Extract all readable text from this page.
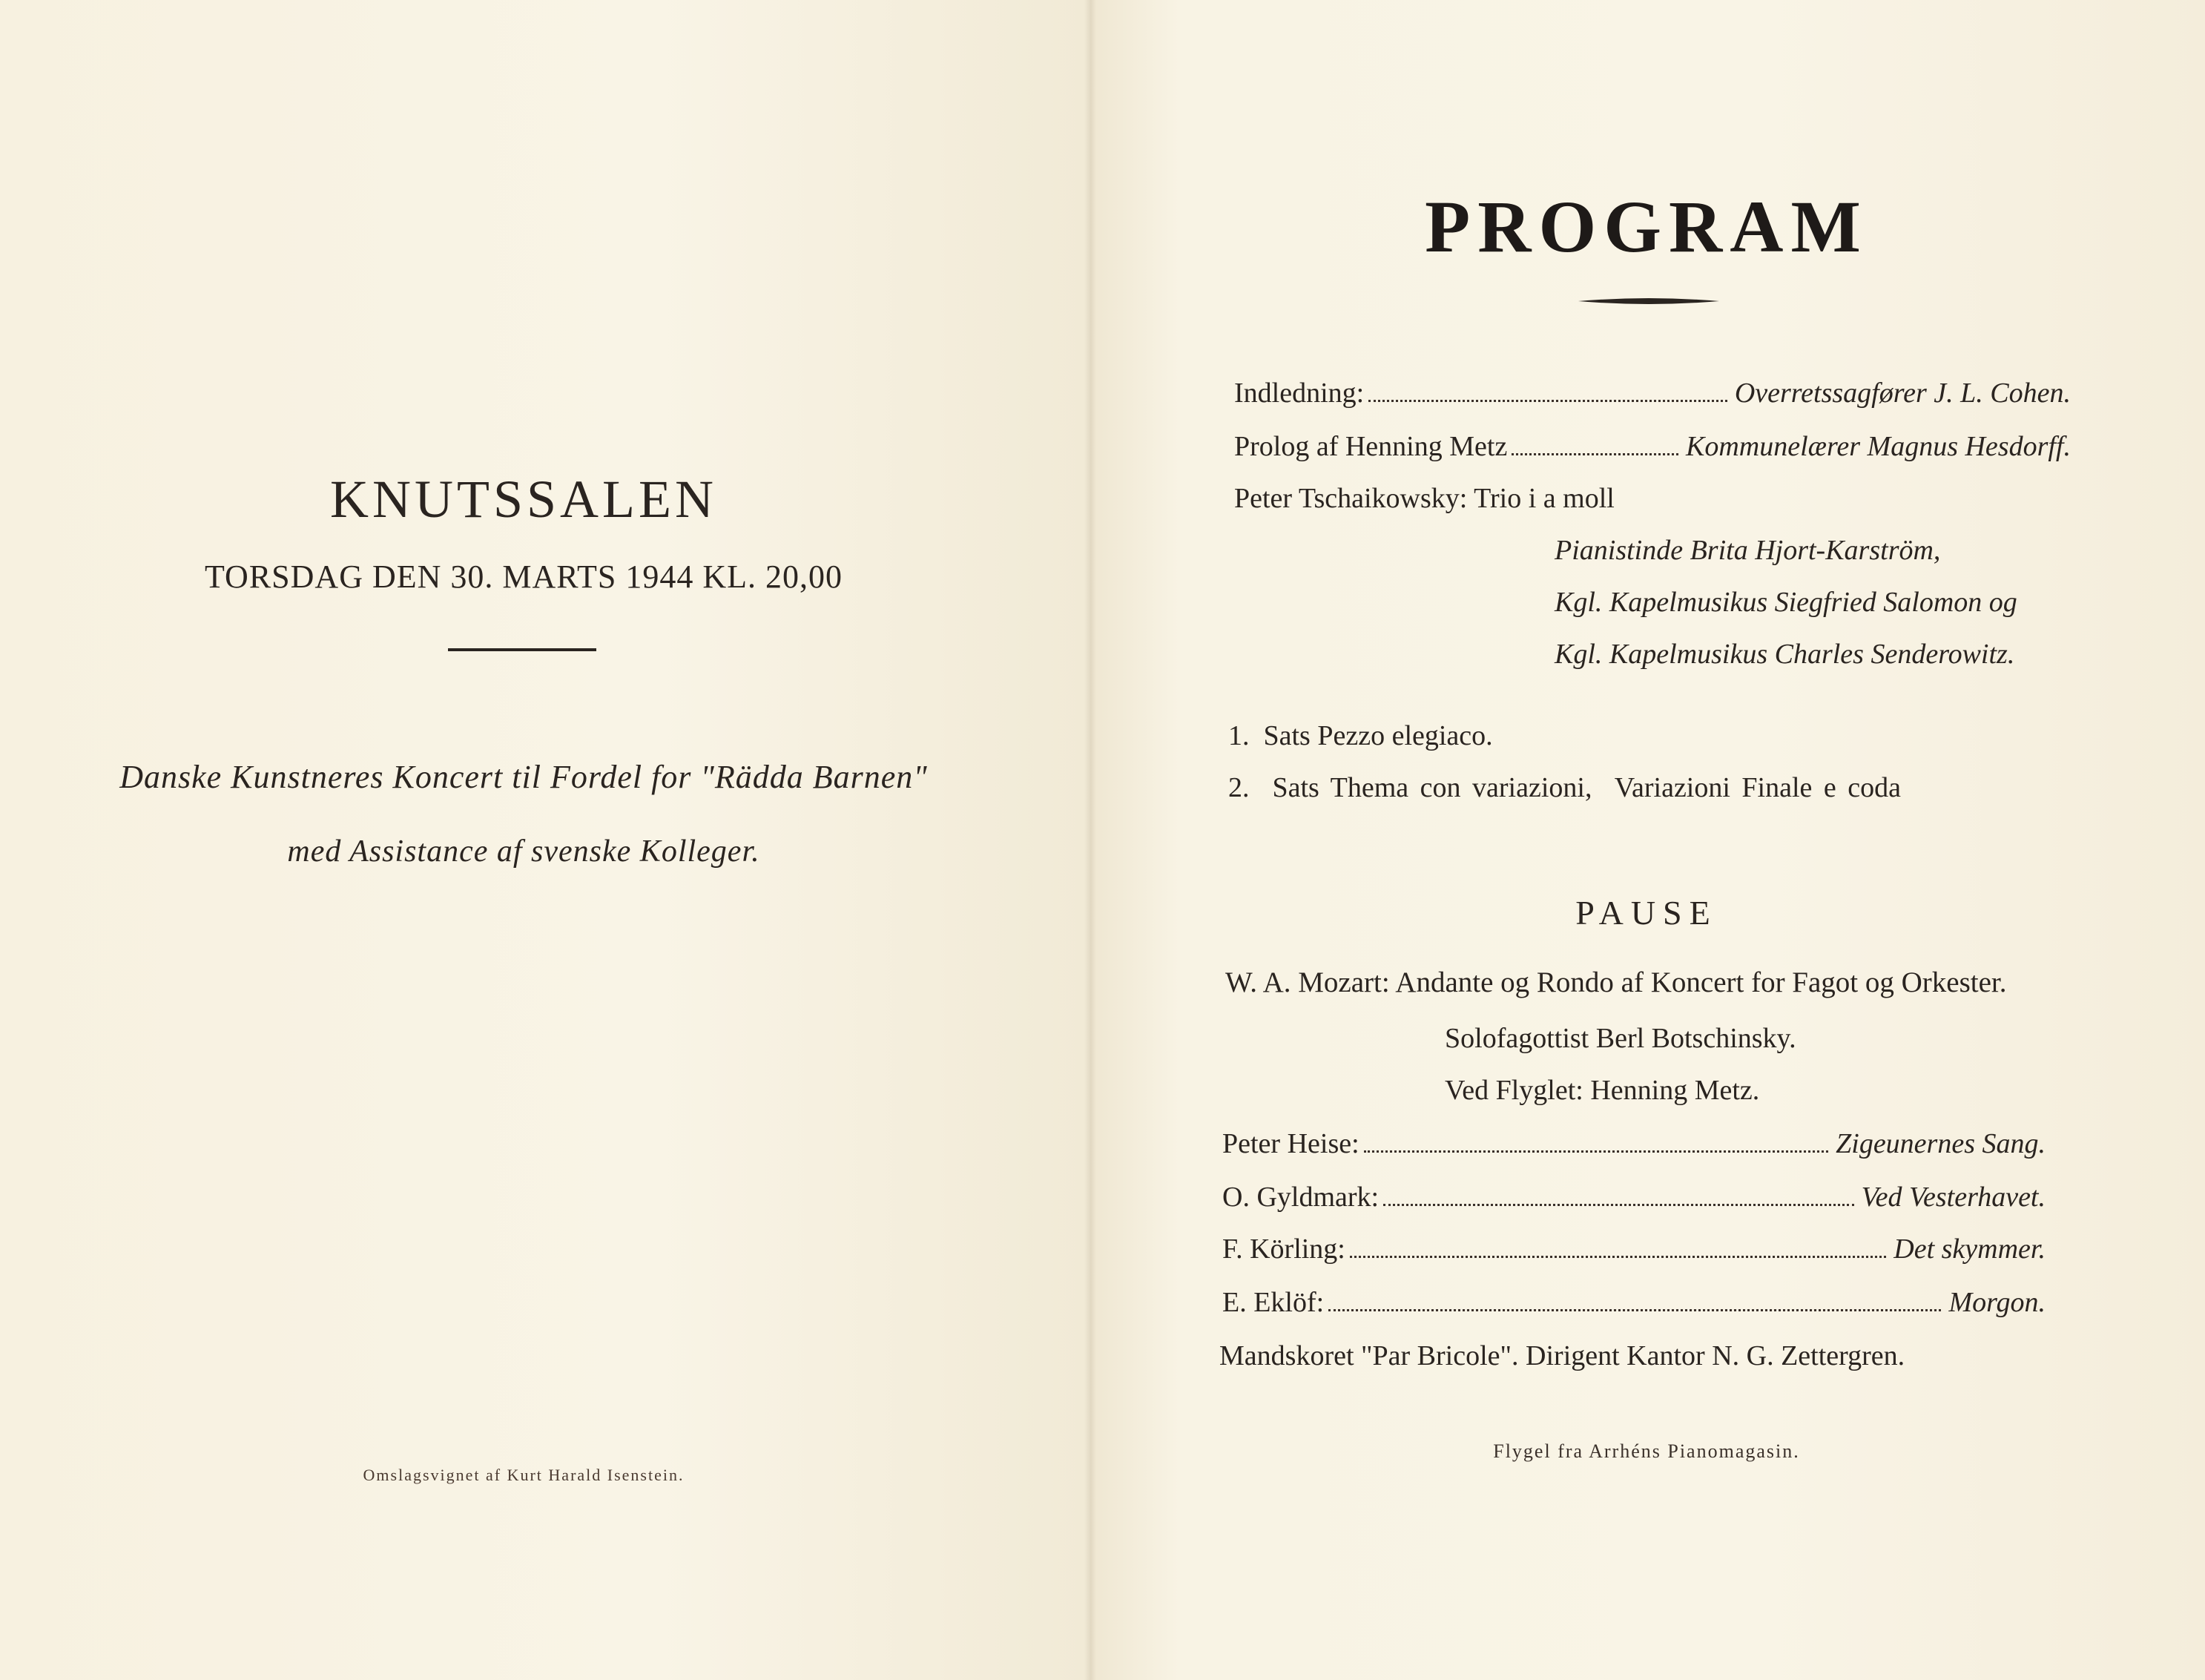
KNUTSSALEN
TORSDAG DEN 30. MARTS 1944 KL. 20,00
Danske Kunstneres Koncert til Fordel for "Rädda Barnen"
med Assistance af svenske Kolleger.
Omslagsvignet af Kurt Harald Isenstein.
PROGRAM
Indledning:	Overretssagfører J. L. Cohen.
Prolog af Henning Metz	Kommunelærer Magnus Hesdorff.
Peter Tschaikowsky: Trio i a moll
Pianistinde Brita Hjort-Karström,
Kgl. Kapelmusikus Siegfried Salomon og
Kgl. Kapelmusikus Charles Senderowitz.
1.  Sats Pezzo elegiaco.
2.  Sats Thema con variazioni,  Variazioni Finale e coda
PAUSE
W. A. Mozart: Andante og Rondo af Koncert for Fagot og Orkester.
Solofagottist Berl Botschinsky.
Ved Flyglet: Henning Metz.
Peter Heise:	Zigeunernes Sang.
O. Gyldmark:	Ved Vesterhavet.
F. Körling:	Det skymmer.
E. Eklöf:	Morgon.
Mandskoret "Par Bricole". Dirigent Kantor N. G. Zettergren.
Flygel fra Arrhéns Pianomagasin.
